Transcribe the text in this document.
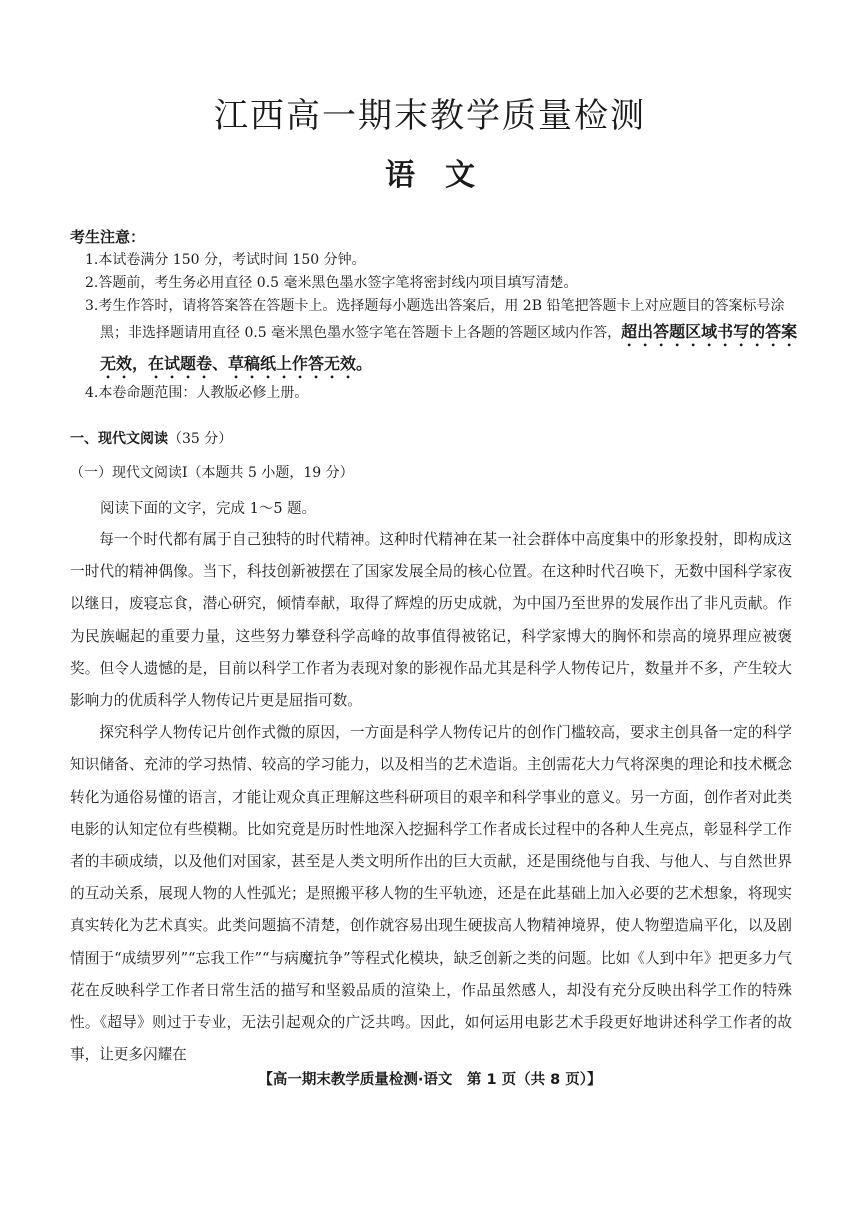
江西高一期末教学质量检测
语　文
考生注意：
1.本试卷满分 150 分，考试时间 150 分钟。
2.答题前，考生务必用直径 0.5 毫米黑色墨水签字笔将密封线内项目填写清楚。
3.考生作答时，请将答案答在答题卡上。选择题每小题选出答案后，用 2B 铅笔把答题卡上对应题目的答案标号涂黑；非选择题请用直径 0.5 毫米黑色墨水签字笔在答题卡上各题的答题区域内作答，超出答题区域书写的答案无效，在试题卷、草稿纸上作答无效。
4.本卷命题范围：人教版必修上册。
一、现代文阅读（35 分）
（一）现代文阅读Ⅰ（本题共 5 小题，19 分）
阅读下面的文字，完成 1～5 题。

每一个时代都有属于自己独特的时代精神。这种时代精神在某一社会群体中高度集中的形象投射，即构成这一时代的精神偶像。当下，科技创新被摆在了国家发展全局的核心位置。在这种时代召唤下，无数中国科学家夜以继日，废寝忘食，潜心研究，倾情奉献，取得了辉煌的历史成就，为中国乃至世界的发展作出了非凡贡献。作为民族崛起的重要力量，这些努力攀登科学高峰的故事值得被铭记，科学家博大的胸怀和崇高的境界理应被褒奖。但令人遗憾的是，目前以科学工作者为表现对象的影视作品尤其是科学人物传记片，数量并不多，产生较大影响力的优质科学人物传记片更是屈指可数。

探究科学人物传记片创作式微的原因，一方面是科学人物传记片的创作门槛较高，要求主创具备一定的科学知识储备、充沛的学习热情、较高的学习能力，以及相当的艺术造诣。主创需花大力气将深奥的理论和技术概念转化为通俗易懂的语言，才能让观众真正理解这些科研项目的艰辛和科学事业的意义。另一方面，创作者对此类电影的认知定位有些模糊。比如究竟是历时性地深入挖掘科学工作者成长过程中的各种人生亮点，彰显科学工作者的丰硕成绩，以及他们对国家，甚至是人类文明所作出的巨大贡献，还是围绕他与自我、与他人、与自然世界的互动关系，展现人物的人性弧光；是照搬平移人物的生平轨迹，还是在此基础上加入必要的艺术想象，将现实真实转化为艺术真实。此类问题搞不清楚，创作就容易出现生硬拔高人物精神境界，使人物塑造扁平化，以及剧情囿于“成绩罗列”“忘我工作”“与病魔抗争”等程式化模块，缺乏创新之类的问题。比如《人到中年》把更多力气花在反映科学工作者日常生活的描写和坚毅品质的渲染上，作品虽然感人，却没有充分反映出科学工作的特殊性。《超导》则过于专业，无法引起观众的广泛共鸣。因此，如何运用电影艺术手段更好地讲述科学工作者的故事，让更多闪耀在

【高一期末教学质量检测·语文　第 1 页（共 8 页）】
